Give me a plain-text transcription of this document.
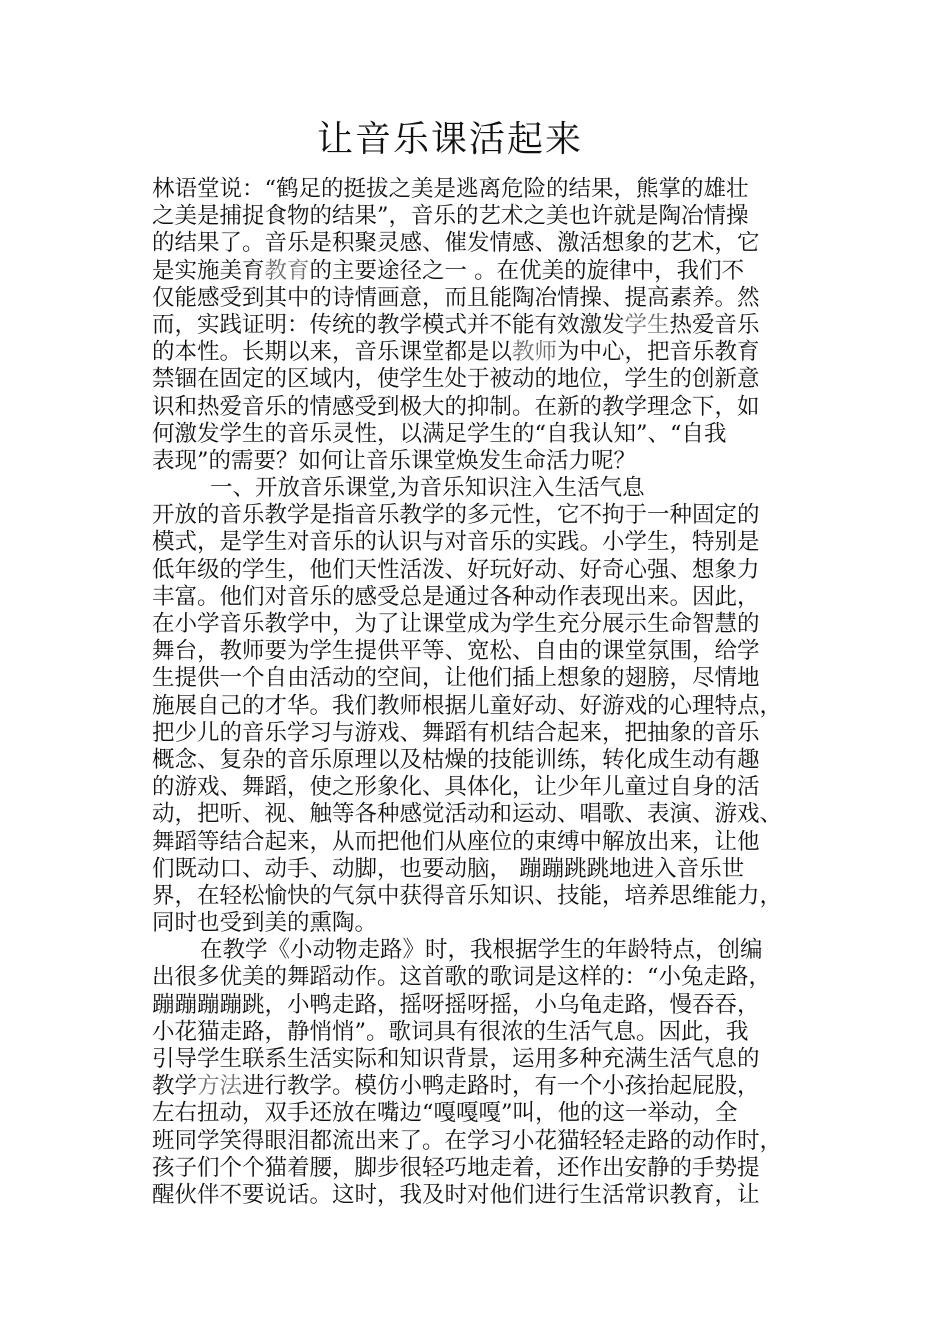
让音乐课活起来
林语堂说：“鹤足的挺拔之美是逃离危险的结果，熊掌的雄壮
之美是捕捉食物的结果”，音乐的艺术之美也许就是陶冶情操
的结果了。音乐是积聚灵感、催发情感、激活想象的艺术，它
是实施美育教育的主要途径之一 。在优美的旋律中，我们不
仅能感受到其中的诗情画意，而且能陶冶情操、提高素养。然
而，实践证明：传统的教学模式并不能有效激发学生热爱音乐
的本性。长期以来，音乐课堂都是以教师为中心，把音乐教育
禁锢在固定的区域内，使学生处于被动的地位，学生的创新意
识和热爱音乐的情感受到极大的抑制。在新的教学理念下，如
何激发学生的音乐灵性，以满足学生的“自我认知”、“自我
表现”的需要？如何让音乐课堂焕发生命活力呢？
一、开放音乐课堂,为音乐知识注入生活气息
开放的音乐教学是指音乐教学的多元性，它不拘于一种固定的
模式，是学生对音乐的认识与对音乐的实践。小学生，特别是
低年级的学生，他们天性活泼、好玩好动、好奇心强、想象力
丰富。他们对音乐的感受总是通过各种动作表现出来。因此，
在小学音乐教学中，为了让课堂成为学生充分展示生命智慧的
舞台，教师要为学生提供平等、宽松、自由的课堂氛围，给学
生提供一个自由活动的空间，让他们插上想象的翅膀，尽情地
施展自己的才华。我们教师根据儿童好动、好游戏的心理特点，
把少儿的音乐学习与游戏、舞蹈有机结合起来，把抽象的音乐
概念、复杂的音乐原理以及枯燥的技能训练，转化成生动有趣
的游戏、舞蹈，使之形象化、具体化，让少年儿童过自身的活
动，把听、视、触等各种感觉活动和运动、唱歌、表演、游戏、
舞蹈等结合起来，从而把他们从座位的束缚中解放出来，让他
们既动口、动手、动脚，也要动脑， 蹦蹦跳跳地进入音乐世
界，在轻松愉快的气氛中获得音乐知识、技能，培养思维能力，
同时也受到美的熏陶。
在教学《小动物走路》时，我根据学生的年龄特点，创编
出很多优美的舞蹈动作。这首歌的歌词是这样的：“小兔走路，
蹦蹦蹦蹦跳，小鸭走路，摇呀摇呀摇，小乌龟走路，慢吞吞，
小花猫走路，静悄悄”。歌词具有很浓的生活气息。因此，我
引导学生联系生活实际和知识背景，运用多种充满生活气息的
教学方法进行教学。模仿小鸭走路时，有一个小孩抬起屁股，
左右扭动，双手还放在嘴边“嘎嘎嘎”叫，他的这一举动，全
班同学笑得眼泪都流出来了。在学习小花猫轻轻走路的动作时，
孩子们个个猫着腰，脚步很轻巧地走着，还作出安静的手势提
醒伙伴不要说话。这时，我及时对他们进行生活常识教育，让
